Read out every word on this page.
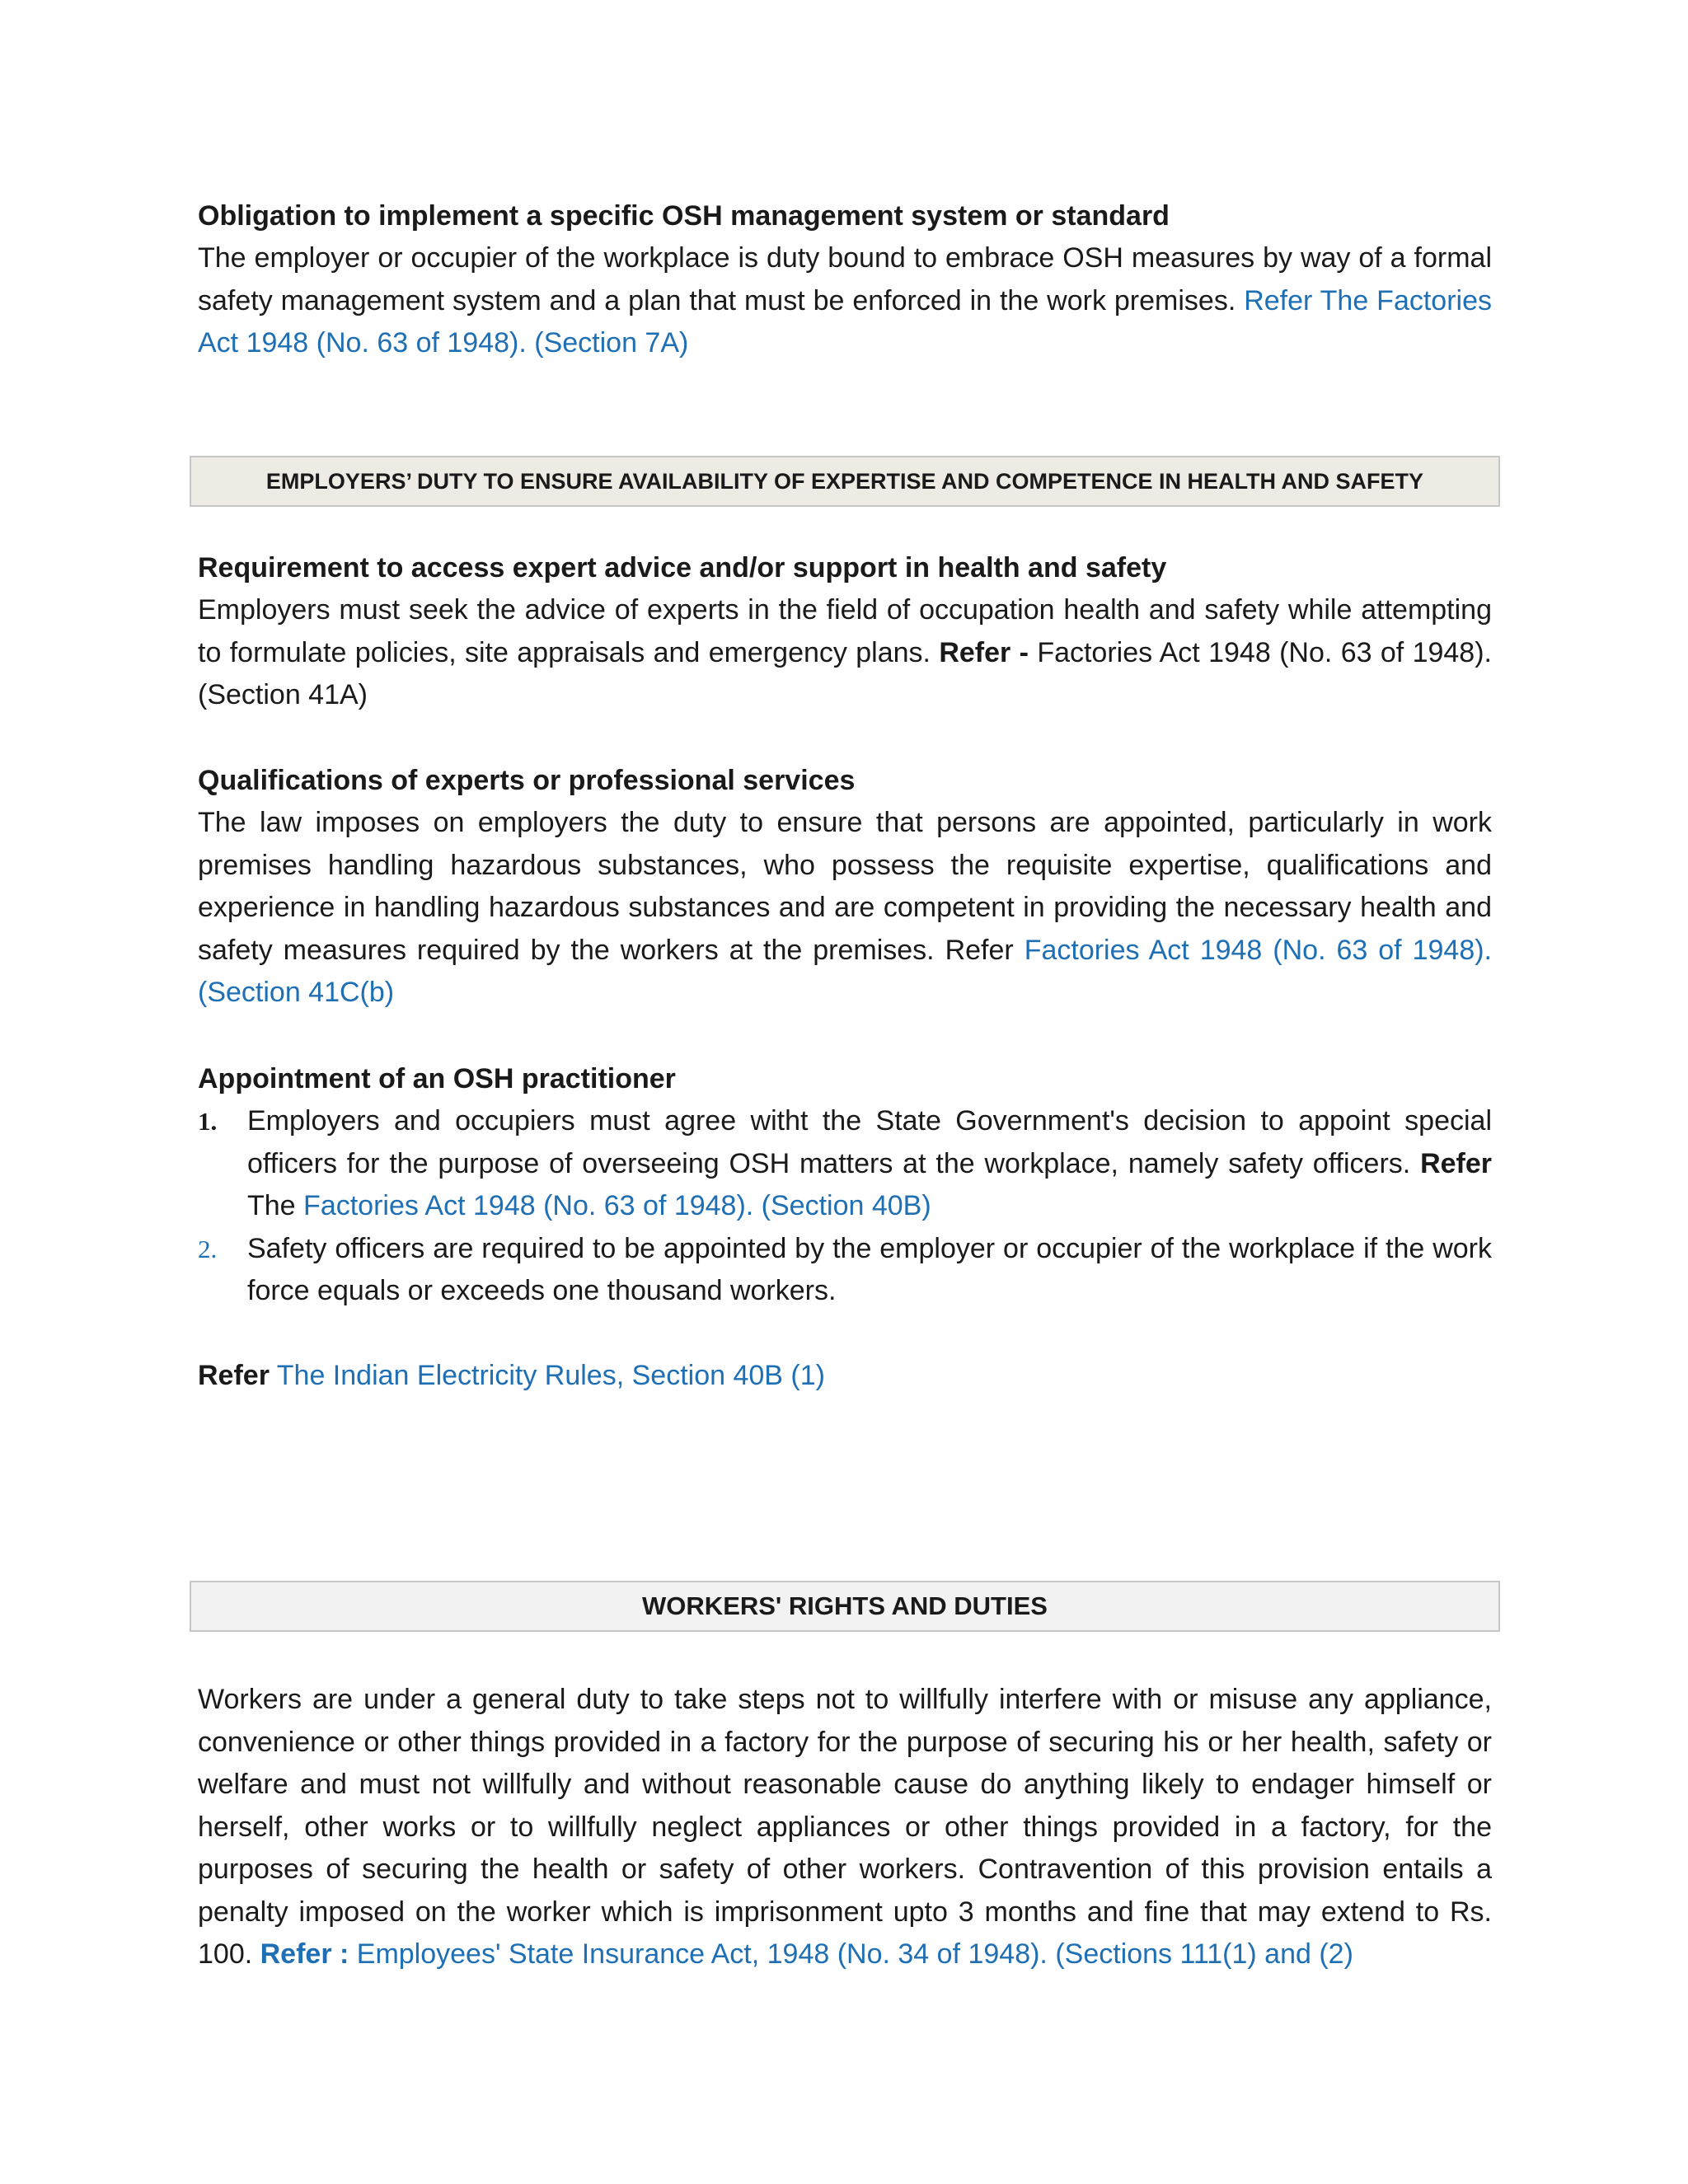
Obligation to implement a specific OSH management system or standard

The employer or occupier of the workplace is duty bound to embrace OSH measures by way of a formal safety management system and a plan that must be enforced in the work premises. Refer The Factories Act 1948 (No. 63 of 1948). (Section 7A)

EMPLOYERS’ DUTY TO ENSURE AVAILABILITY OF EXPERTISE AND COMPETENCE IN HEALTH AND SAFETY
Requirement to access expert advice and/or support in health and safety

Employers must seek the advice of experts in the field of occupation health and safety while attempting to formulate policies, site appraisals and emergency plans. Refer - Factories Act 1948 (No. 63 of 1948). (Section 41A)

Qualifications of experts or professional services

The law imposes on employers the duty to ensure that persons are appointed, particularly in work premises handling hazardous substances, who possess the requisite expertise, qualifications and experience in handling hazardous substances and are competent in providing the necessary health and safety measures required by the workers at the premises. Refer Factories Act 1948 (No. 63 of 1948). (Section 41C(b)

Appointment of an OSH practitioner
1. Employers and occupiers must agree witht the State Government's decision to appoint special officers for the purpose of overseeing OSH matters at the workplace, namely safety officers. Refer The Factories Act 1948 (No. 63 of 1948). (Section 40B)
2. Safety officers are required to be appointed by the employer or occupier of the workplace if the work force equals or exceeds one thousand workers.

Refer The Indian Electricity Rules, Section 40B (1)

WORKERS' RIGHTS AND DUTIES

Workers are under a general duty to take steps not to willfully interfere with or misuse any appliance, convenience or other things provided in a factory for the purpose of securing his or her health, safety or welfare and must not willfully and without reasonable cause do anything likely to endager himself or herself, other works or to willfully neglect appliances or other things provided in a factory, for the purposes of securing the health or safety of other workers. Contravention of this provision entails a penalty imposed on the worker which is imprisonment upto 3 months and fine that may extend to Rs. 100. Refer : Employees' State Insurance Act, 1948 (No. 34 of 1948). (Sections 111(1) and (2)
